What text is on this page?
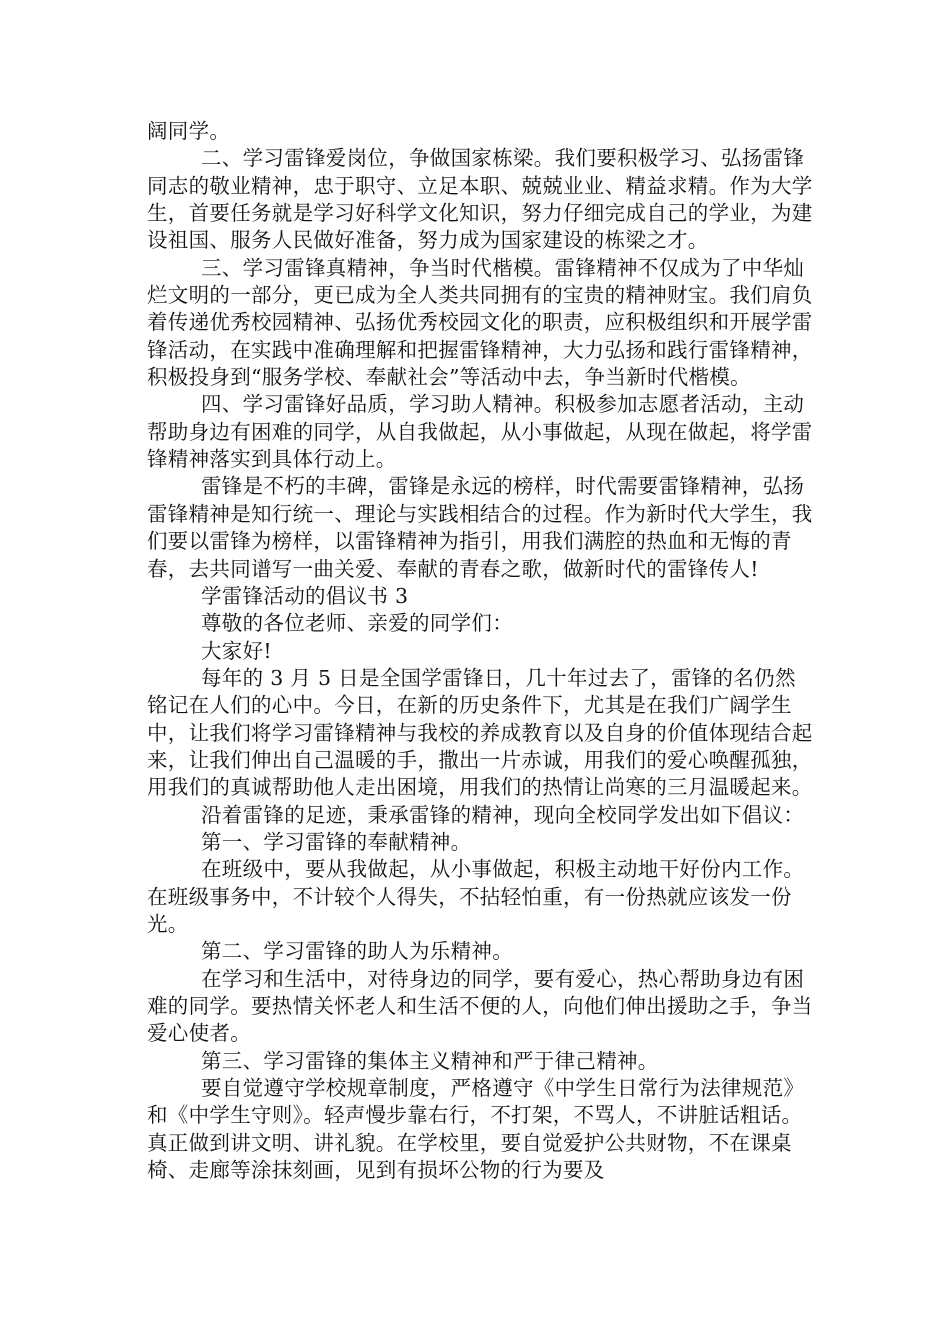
阔同学。

二、学习雷锋爱岗位，争做国家栋梁。我们要积极学习、弘扬雷锋同志的敬业精神，忠于职守、立足本职、兢兢业业、精益求精。作为大学生，首要任务就是学习好科学文化知识，努力仔细完成自己的学业，为建设祖国、服务人民做好准备，努力成为国家建设的栋梁之才。

三、学习雷锋真精神，争当时代楷模。雷锋精神不仅成为了中华灿烂文明的一部分，更已成为全人类共同拥有的宝贵的精神财宝。我们肩负着传递优秀校园精神、弘扬优秀校园文化的职责，应积极组织和开展学雷锋活动，在实践中准确理解和把握雷锋精神，大力弘扬和践行雷锋精神，积极投身到“服务学校、奉献社会”等活动中去，争当新时代楷模。

四、学习雷锋好品质，学习助人精神。积极参加志愿者活动，主动帮助身边有困难的同学，从自我做起，从小事做起，从现在做起，将学雷锋精神落实到具体行动上。

雷锋是不朽的丰碑，雷锋是永远的榜样，时代需要雷锋精神，弘扬雷锋精神是知行统一、理论与实践相结合的过程。作为新时代大学生，我们要以雷锋为榜样，以雷锋精神为指引，用我们满腔的热血和无悔的青春，去共同谱写一曲关爱、奉献的青春之歌，做新时代的雷锋传人!

学雷锋活动的倡议书 3

尊敬的各位老师、亲爱的同学们：

大家好!

每年的 3 月 5 日是全国学雷锋日，几十年过去了，雷锋的名仍然铭记在人们的心中。今日，在新的历史条件下，尤其是在我们广阔学生中，让我们将学习雷锋精神与我校的养成教育以及自身的价值体现结合起来，让我们伸出自己温暖的手，撒出一片赤诚，用我们的爱心唤醒孤独，用我们的真诚帮助他人走出困境，用我们的热情让尚寒的三月温暖起来。

沿着雷锋的足迹，秉承雷锋的精神，现向全校同学发出如下倡议：

第一、学习雷锋的奉献精神。

在班级中，要从我做起，从小事做起，积极主动地干好份内工作。在班级事务中，不计较个人得失，不拈轻怕重，有一份热就应该发一份光。

第二、学习雷锋的助人为乐精神。

在学习和生活中，对待身边的同学，要有爱心，热心帮助身边有困难的同学。要热情关怀老人和生活不便的人，向他们伸出援助之手，争当爱心使者。

第三、学习雷锋的集体主义精神和严于律己精神。

要自觉遵守学校规章制度，严格遵守《中学生日常行为法律规范》和《中学生守则》。轻声慢步靠右行，不打架，不骂人，不讲脏话粗话。真正做到讲文明、讲礼貌。在学校里，要自觉爱护公共财物，不在课桌椅、走廊等涂抹刻画，见到有损坏公物的行为要及
